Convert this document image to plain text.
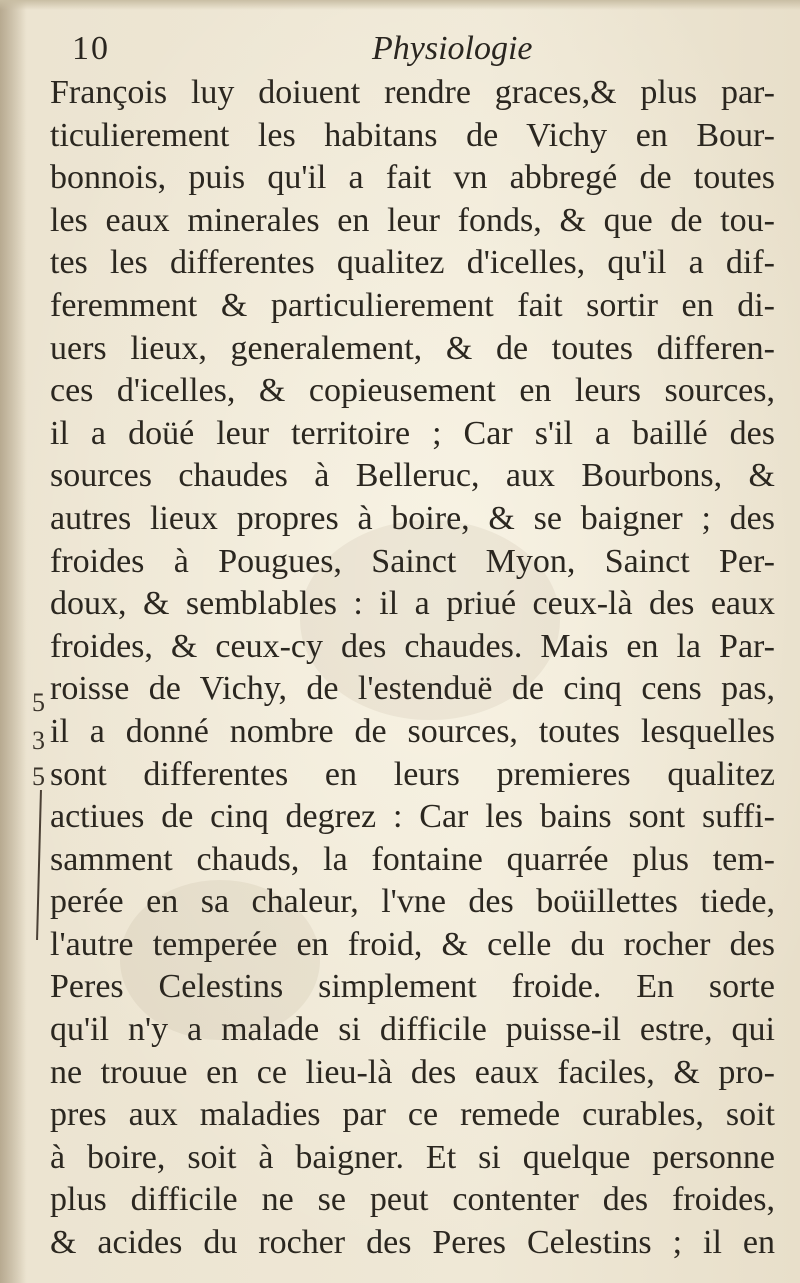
10	Physiologie
François luy doiuent rendre graces,& plus par-
ticulierement les habitans de Vichy en Bour-
bonnois, puis qu'il a fait vn abbregé de toutes
les eaux minerales en leur fonds, & que de tou-
tes les differentes qualitez d'icelles, qu'il a dif-
feremment & particulierement fait sortir en di-
uers lieux, generalement, & de toutes differen-
ces d'icelles, & copieusement en leurs sources,
il a doüé leur territoire ; Car s'il a baillé des
sources chaudes à Belleruc, aux Bourbons, &
autres lieux propres à boire, & se baigner ; des
froides à Pougues, Sainct Myon, Sainct Per-
doux, & semblables : il a priué ceux-là des eaux
froides, & ceux-cy des chaudes. Mais en la Par-
roisse de Vichy, de l'estenduë de cinq cens pas,
il a donné nombre de sources, toutes lesquelles
sont differentes en leurs premieres qualitez
actiues de cinq degrez : Car les bains sont suffi-
samment chauds, la fontaine quarrée plus tem-
perée en sa chaleur, l'vne des boüillettes tiede,
l'autre temperée en froid, & celle du rocher des
Peres Celestins simplement froide. En sorte
qu'il n'y a malade si difficile puisse-il estre, qui
ne trouue en ce lieu-là des eaux faciles, & pro-
pres aux maladies par ce remede curables, soit
à boire, soit à baigner. Et si quelque personne
plus difficile ne se peut contenter des froides,
& acides du rocher des Peres Celestins ; il en
5
3
5
